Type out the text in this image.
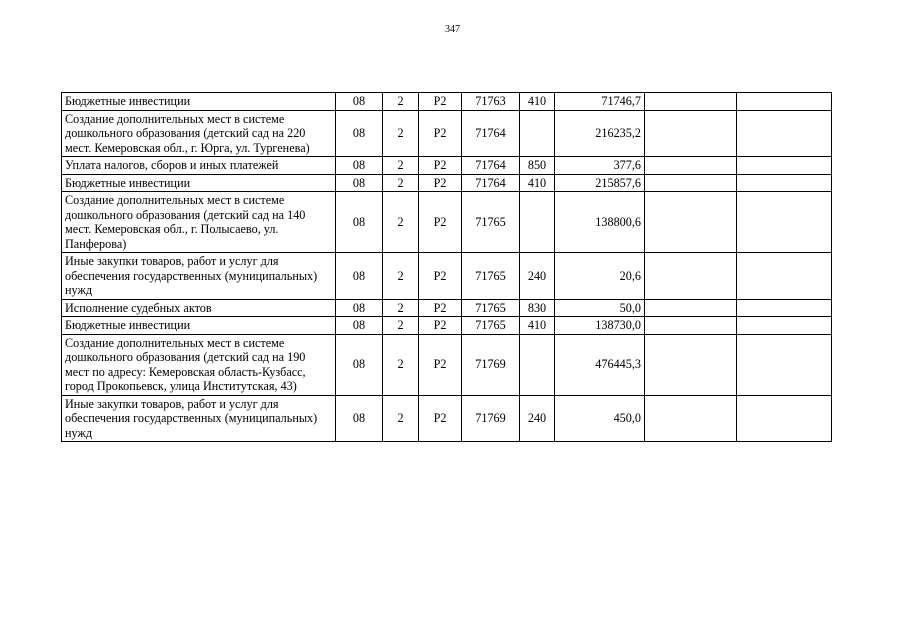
347
Бюджетные инвестиции	08	2	P2	71763	410	71746,7		
Создание дополнительных мест в системе дошкольного образования (детский сад на 220 мест. Кемеровская обл., г. Юрга, ул. Тургенева)	08	2	P2	71764		216235,2		
Уплата налогов, сборов и иных платежей	08	2	P2	71764	850	377,6		
Бюджетные инвестиции	08	2	P2	71764	410	215857,6		
Создание дополнительных мест в системе дошкольного образования (детский сад на 140 мест. Кемеровская обл., г. Полысаево, ул. Панферова)	08	2	P2	71765		138800,6		
Иные закупки товаров, работ и услуг для обеспечения государственных (муниципальных) нужд	08	2	P2	71765	240	20,6		
Исполнение судебных актов	08	2	P2	71765	830	50,0		
Бюджетные инвестиции	08	2	P2	71765	410	138730,0		
Создание дополнительных мест в системе дошкольного образования (детский сад на 190 мест по адресу: Кемеровская область-Кузбасс, город Прокопьевск, улица Институтская, 43)	08	2	P2	71769		476445,3		
Иные закупки товаров, работ и услуг для обеспечения государственных (муниципальных) нужд	08	2	P2	71769	240	450,0		
